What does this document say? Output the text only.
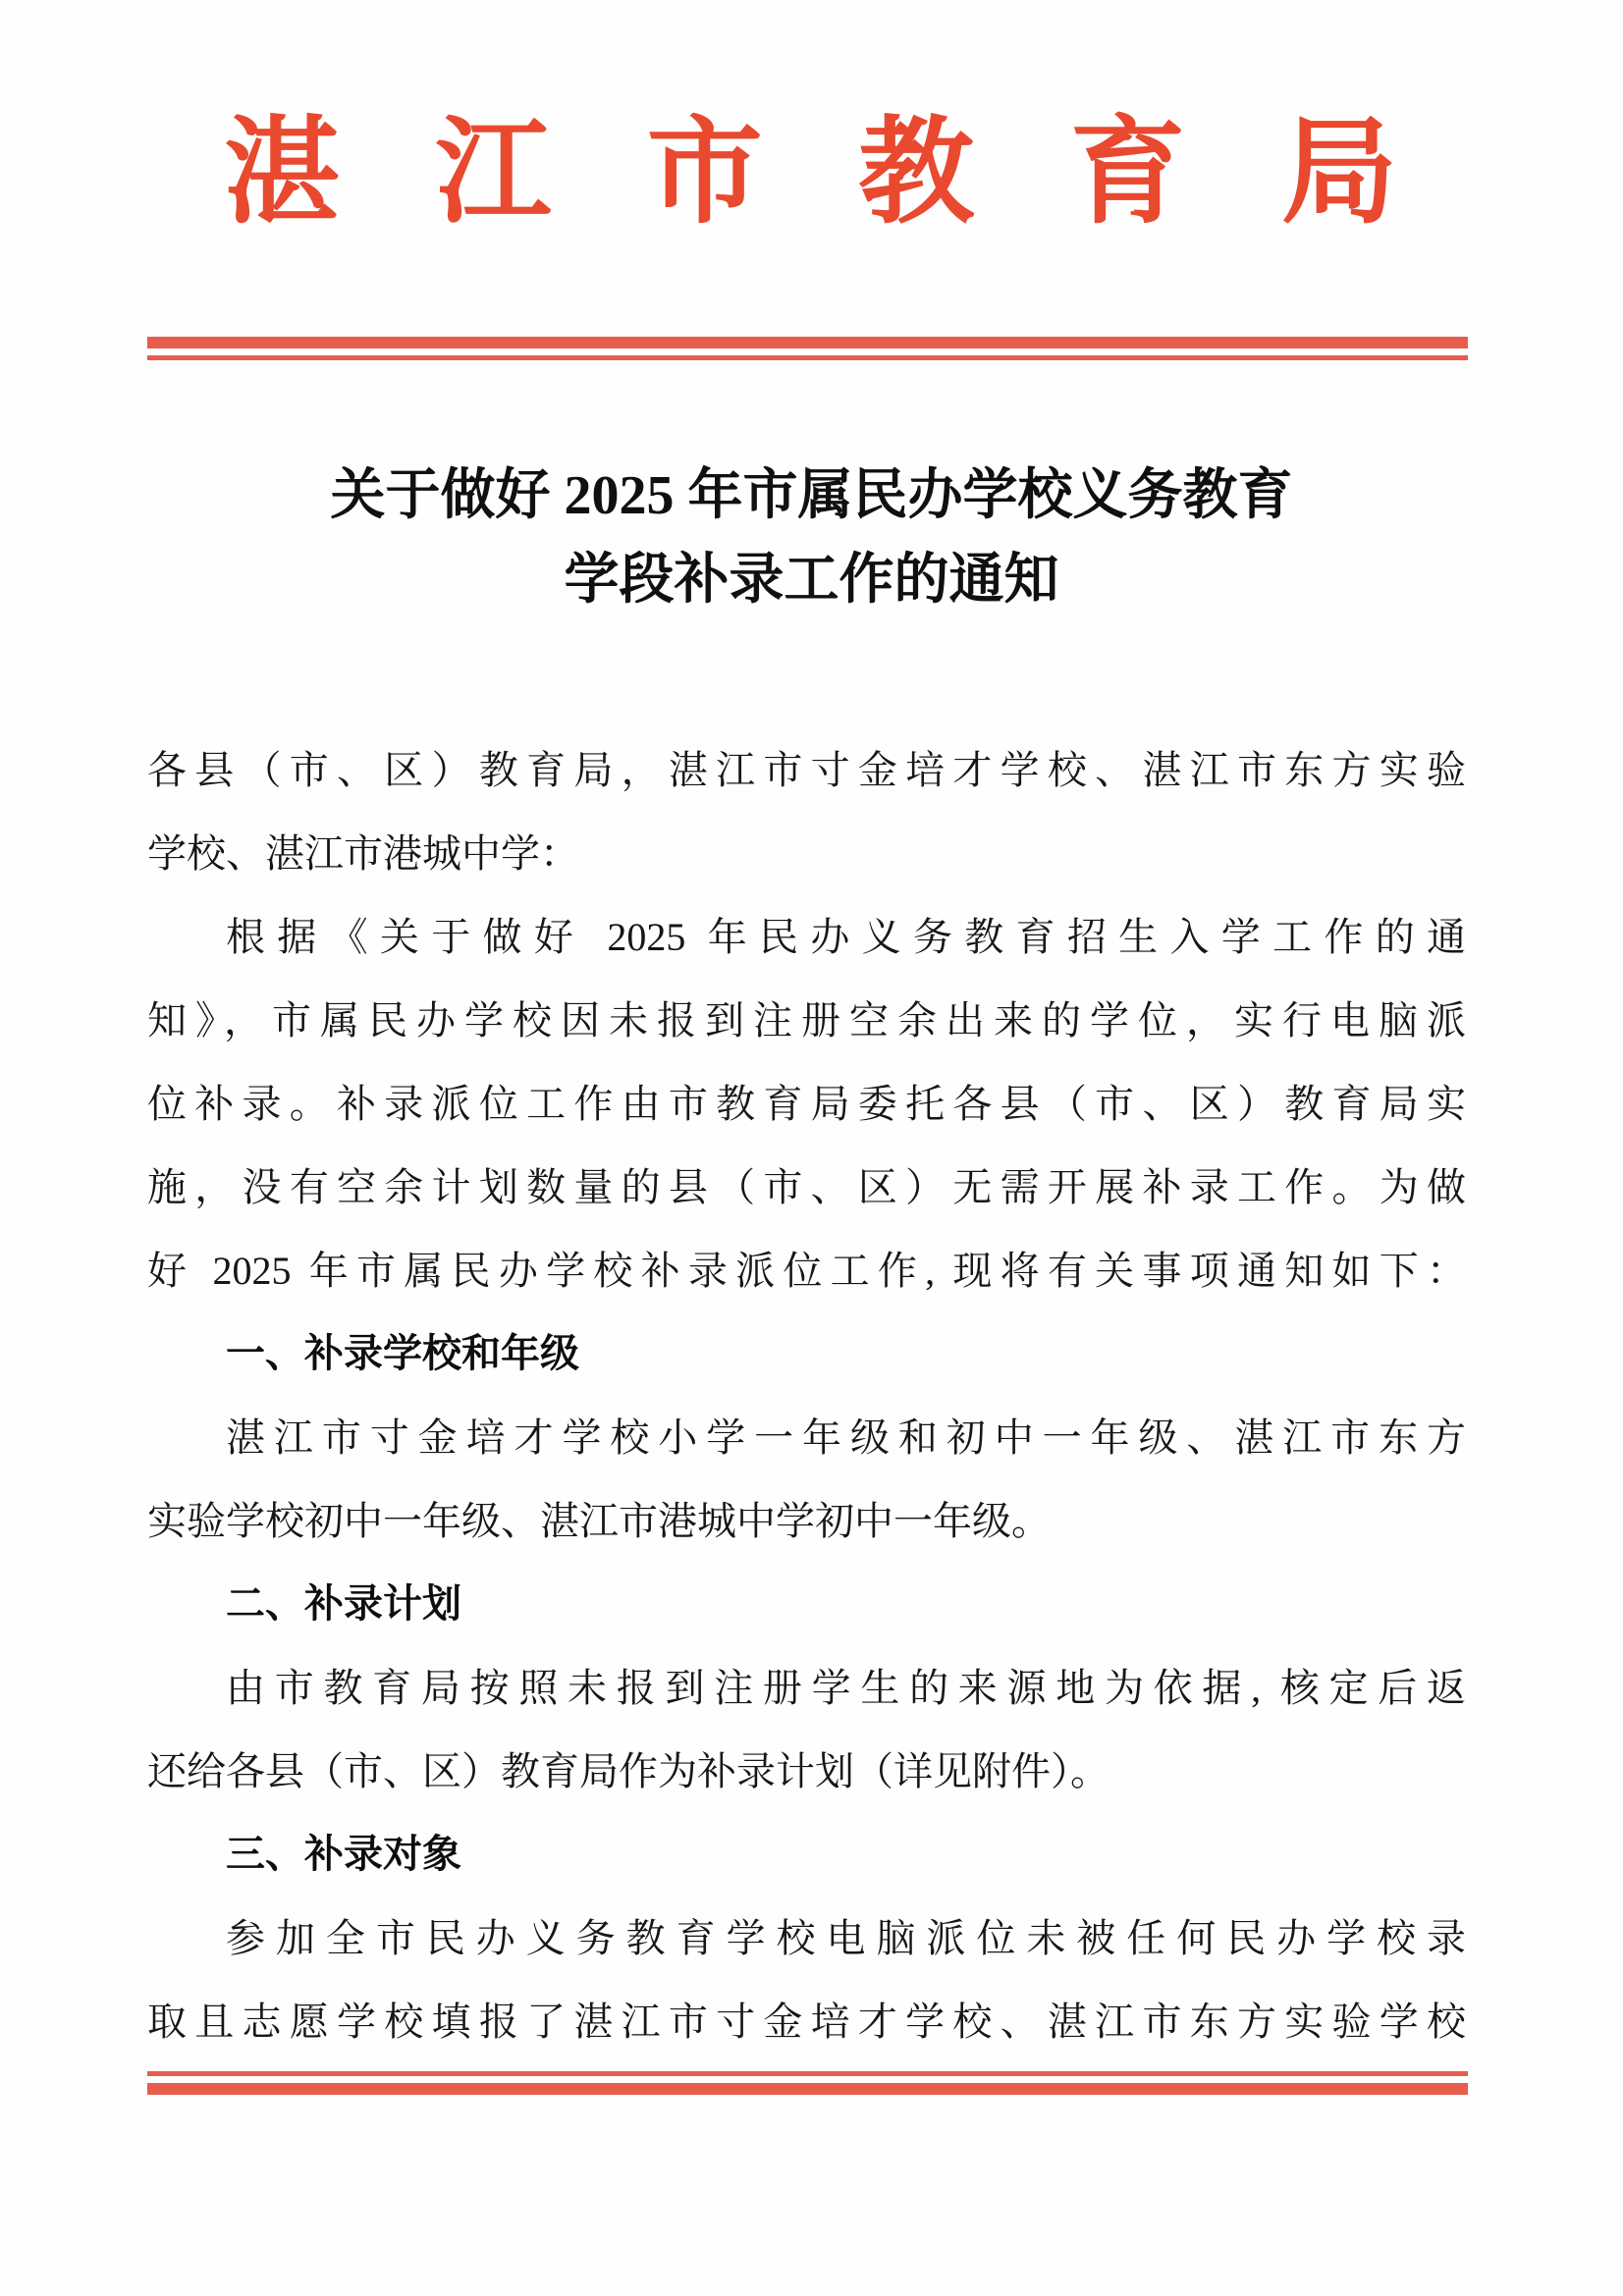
湛江市教育局
关于做好 2025 年市属民办学校义务教育
学段补录工作的通知
各县（市、区）教育局，湛江市寸金培才学校、湛江市东方实验
学校、湛江市港城中学：
根据《关于做好 2025 年民办义务教育招生入学工作的通
知》，市属民办学校因未报到注册空余出来的学位，实行电脑派
位补录。补录派位工作由市教育局委托各县（市、区）教育局实
施，没有空余计划数量的县（市、区）无需开展补录工作。为做
好 2025 年市属民办学校补录派位工作, 现将有关事项通知如下：
一、补录学校和年级
湛江市寸金培才学校小学一年级和初中一年级、湛江市东方
实验学校初中一年级、湛江市港城中学初中一年级。
二、补录计划
由市教育局按照未报到注册学生的来源地为依据, 核定后返
还给各县（市、区）教育局作为补录计划（详见附件）。
三、补录对象
参加全市民办义务教育学校电脑派位未被任何民办学校录
取且志愿学校填报了湛江市寸金培才学校、湛江市东方实验学校
